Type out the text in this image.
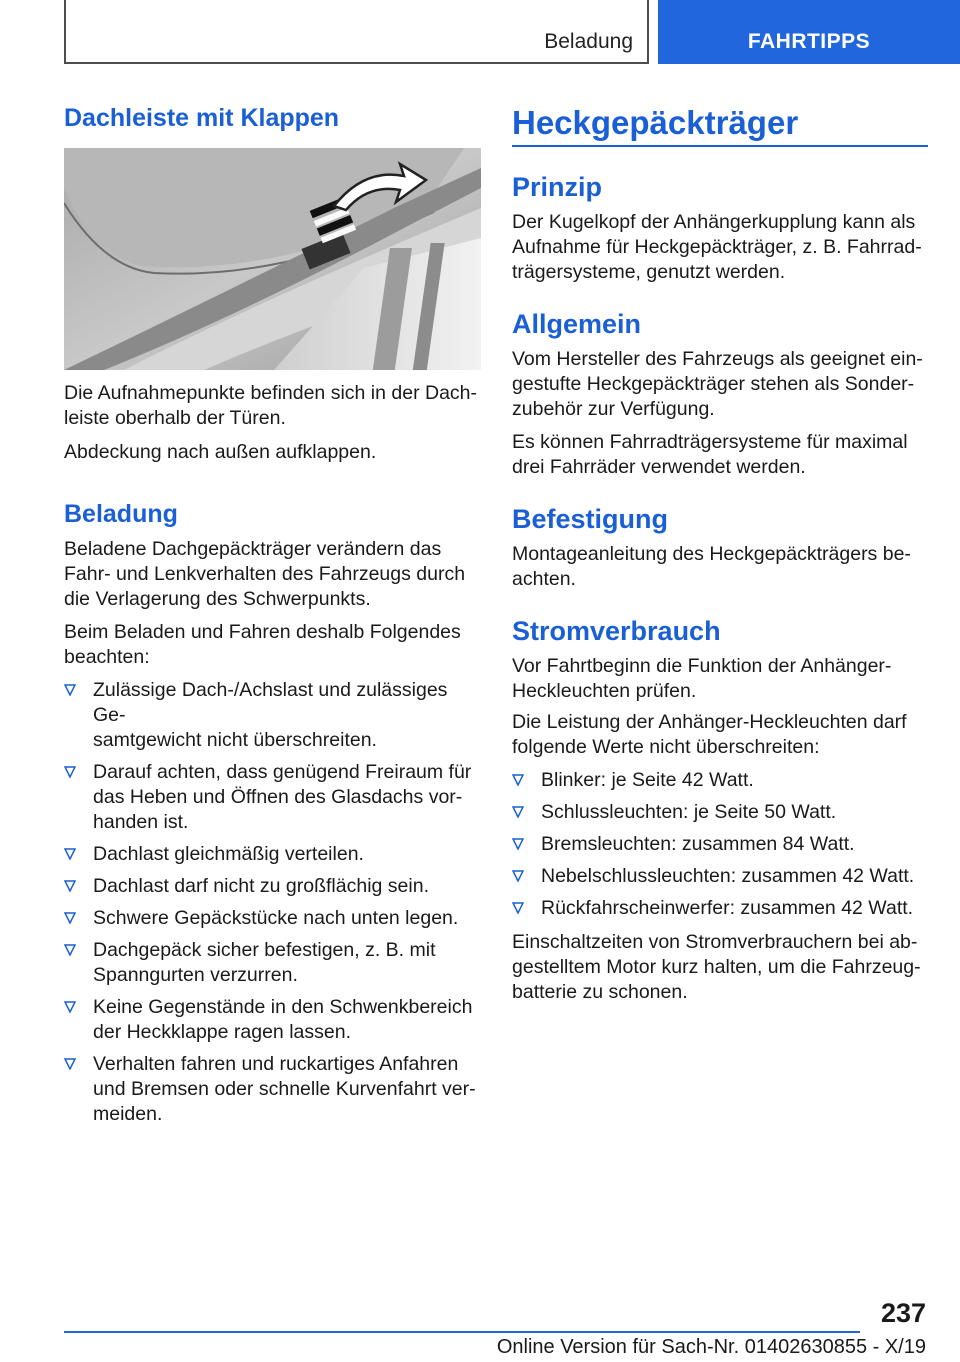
Beladung	FAHRTIPPS
Dachleiste mit Klappen

Die Aufnahmepunkte befinden sich in der Dach-
leiste oberhalb der Türen.

Abdeckung nach außen aufklappen.

Beladung

Beladene Dachgepäckträger verändern das
Fahr- und Lenkverhalten des Fahrzeugs durch
die Verlagerung des Schwerpunkts.

Beim Beladen und Fahren deshalb Folgendes
beachten:

Zulässige Dach-/Achslast und zulässiges Ge-
samtgewicht nicht überschreiten.
Darauf achten, dass genügend Freiraum für
das Heben und Öffnen des Glasdachs vor-
handen ist.
Dachlast gleichmäßig verteilen.
Dachlast darf nicht zu großflächig sein.
Schwere Gepäckstücke nach unten legen.
Dachgepäck sicher befestigen, z. B. mit
Spanngurten verzurren.
Keine Gegenstände in den Schwenkbereich
der Heckklappe ragen lassen.
Verhalten fahren und ruckartiges Anfahren
und Bremsen oder schnelle Kurvenfahrt ver-
meiden.
Heckgepäckträger
Prinzip

Der Kugelkopf der Anhängerkupplung kann als
Aufnahme für Heckgepäckträger, z. B. Fahrrad-
trägersysteme, genutzt werden.

Allgemein

Vom Hersteller des Fahrzeugs als geeignet ein-
gestufte Heckgepäckträger stehen als Sonder-
zubehör zur Verfügung.

Es können Fahrradträgersysteme für maximal
drei Fahrräder verwendet werden.

Befestigung

Montageanleitung des Heckgepäckträgers be-
achten.

Stromverbrauch

Vor Fahrtbeginn die Funktion der Anhänger-
Heckleuchten prüfen.

Die Leistung der Anhänger-Heckleuchten darf
folgende Werte nicht überschreiten:

Blinker: je Seite 42 Watt.
Schlussleuchten: je Seite 50 Watt.
Bremsleuchten: zusammen 84 Watt.
Nebelschlussleuchten: zusammen 42 Watt.
Rückfahrscheinwerfer: zusammen 42 Watt.

Einschaltzeiten von Stromverbrauchern bei ab-
gestelltem Motor kurz halten, um die Fahrzeug-
batterie zu schonen.

237
Online Version für Sach-Nr. 01402630855 - X/19
